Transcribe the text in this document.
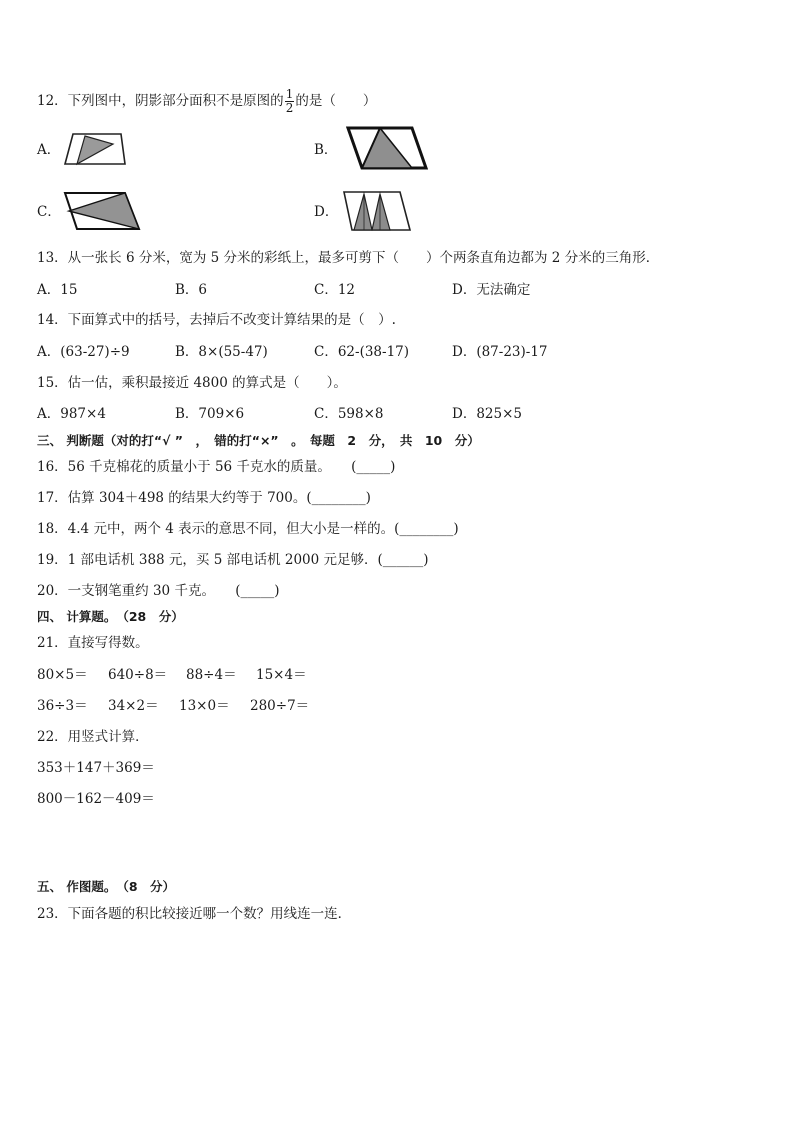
12．下列图中，阴影部分面积不是原图的 $\frac{1}{2}$ 的是（　　）
A．	B．
C．	D．
13．从一张长 6 分米，宽为 5 分米的彩纸上，最多可剪下（　　）个两条直角边都为 2 分米的三角形．
A．15	B．6	C．12	D．无法确定
14．下面算式中的括号，去掉后不改变计算结果的是（　）.
A．(63-27)÷9	B．8×(55-47)	C．62-(38-17)	D．(87-23)-17
15．估一估，乘积最接近 4800 的算式是（　　）。
A．987×4	B．709×6	C．598×8	D．825×5
三、 判断题（对的打“√ ”　，　错的打“×”　。　每题　2　分，　共　10　分）
16．56 千克棉花的质量小于 56 千克水的质量。　　(_____)
17．估算 304＋498 的结果大约等于 700。(________)
18．4.4 元中，两个 4 表示的意思不同，但大小是一样的。(________)
19．1 部电话机 388 元，买 5 部电话机 2000 元足够．(______)
20．一支钢笔重约 30 千克。　　(_____)
四、 计算题。　（28　分）
21．直接写得数。
80×5＝ 640÷8＝ 88÷4＝ 15×4＝
36÷3＝ 34×2＝ 13×0＝ 280÷7＝
22．用竖式计算．
353＋147＋369＝
800－162－409＝
五、 作图题。　（8　分）
23．下面各题的积比较接近哪一个数？用线连一连．
